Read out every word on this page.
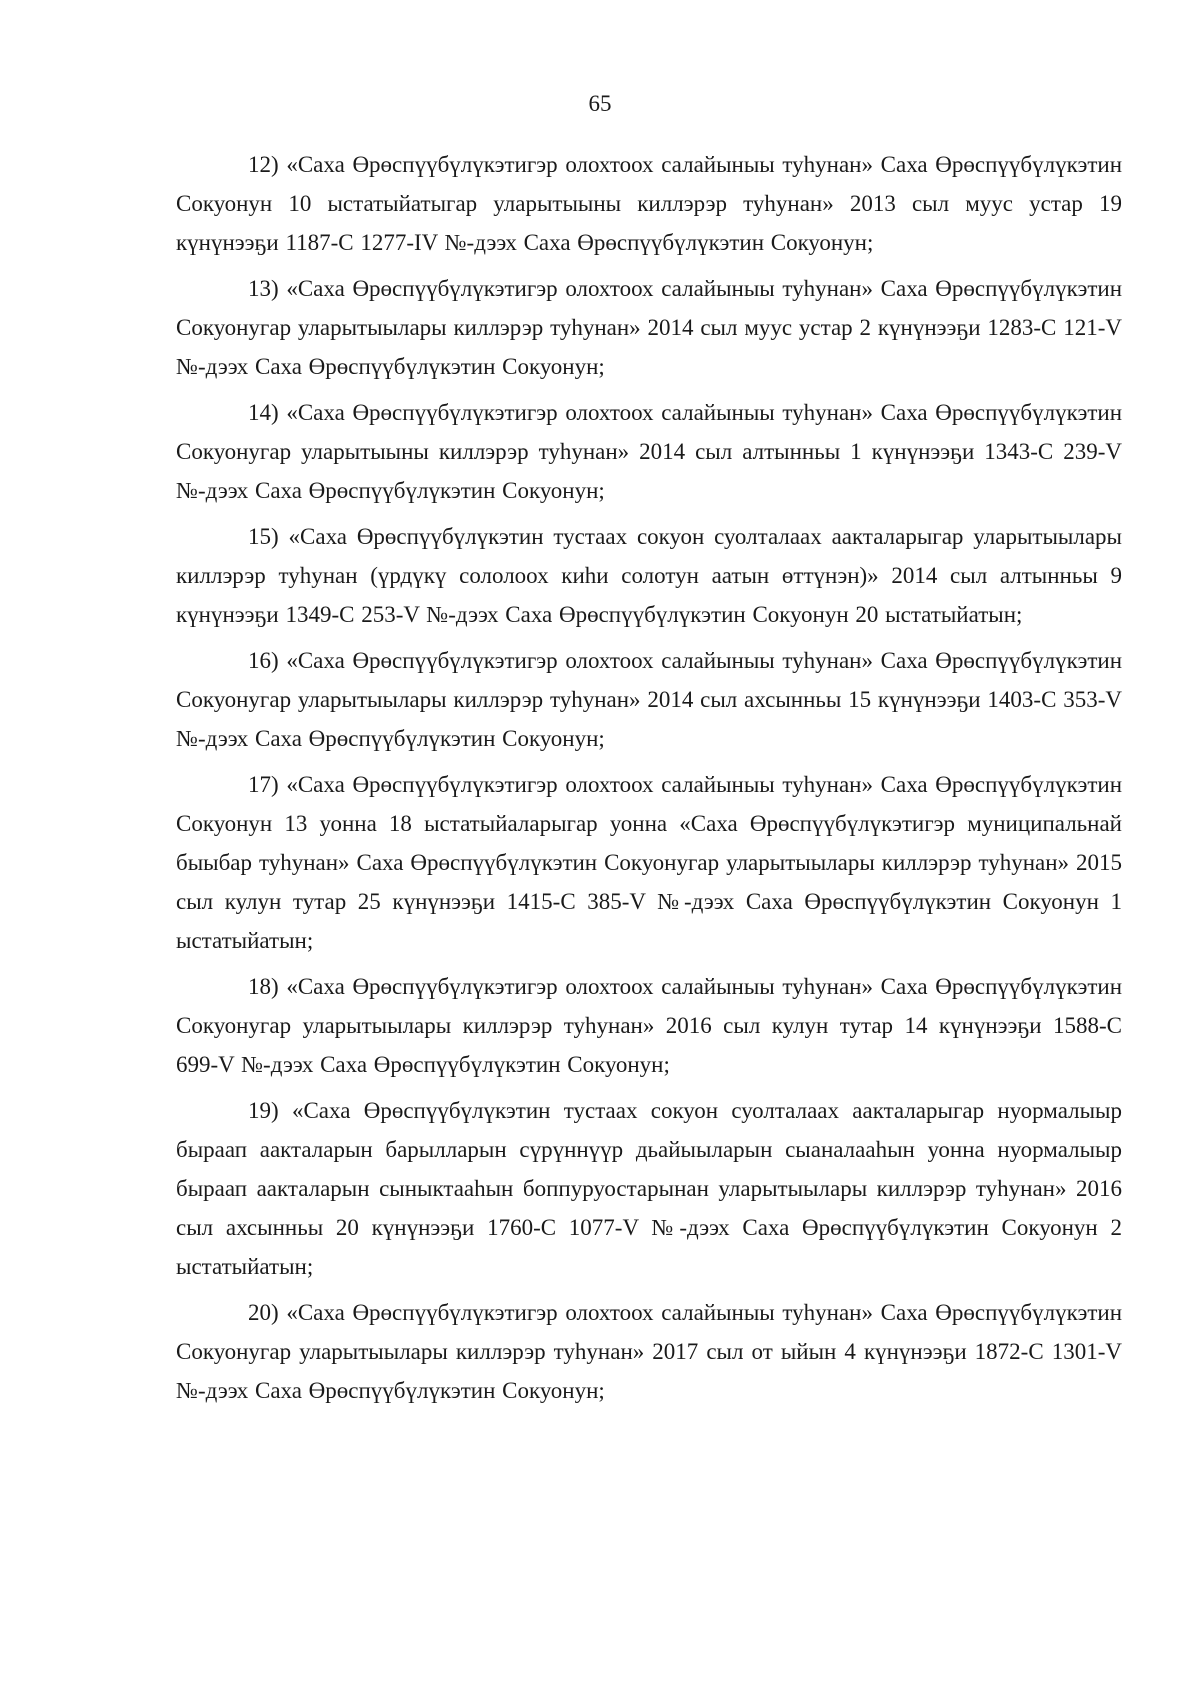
65

12) «Саха Өрөспүүбүлүкэтигэр олохтоох салайыныы туһунан» Саха Өрөспүүбүлүкэтин Сокуонун 10 ыстатыйатыгар уларытыыны киллэрэр туһунан» 2013 сыл муус устар 19 күнүнээҕи 1187-С 1277-IV №-дээх Саха Өрөспүүбүлүкэтин Сокуонун;

13) «Саха Өрөспүүбүлүкэтигэр олохтоох салайыныы туһунан» Саха Өрөспүүбүлүкэтин Сокуонугар уларытыылары киллэрэр туһунан» 2014 сыл муус устар 2 күнүнээҕи 1283-С 121-V №-дээх Саха Өрөспүүбүлүкэтин Сокуонун;

14) «Саха Өрөспүүбүлүкэтигэр олохтоох салайыныы туһунан» Саха Өрөспүүбүлүкэтин Сокуонугар уларытыыны киллэрэр туһунан» 2014 сыл алтынньы 1 күнүнээҕи 1343-С 239-V №-дээх Саха Өрөспүүбүлүкэтин Сокуонун;

15) «Саха Өрөспүүбүлүкэтин тустаах сокуон суолталаах аакталарыгар уларытыылары киллэрэр туһунан (үрдүкү сололоох киһи солотун аатын өттүнэн)» 2014 сыл алтынньы 9 күнүнээҕи 1349-С 253-V №-дээх Саха Өрөспүүбүлүкэтин Сокуонун 20 ыстатыйатын;

16) «Саха Өрөспүүбүлүкэтигэр олохтоох салайыныы туһунан» Саха Өрөспүүбүлүкэтин Сокуонугар уларытыылары киллэрэр туһунан» 2014 сыл ахсынньы 15 күнүнээҕи 1403-С 353-V №-дээх Саха Өрөспүүбүлүкэтин Сокуонун;

17) «Саха Өрөспүүбүлүкэтигэр олохтоох салайыныы туһунан» Саха Өрөспүүбүлүкэтин Сокуонун 13 уонна 18 ыстатыйаларыгар уонна «Саха Өрөспүүбүлүкэтигэр муниципальнай быыбар туһунан» Саха Өрөспүүбүлүкэтин Сокуонугар уларытыылары киллэрэр туһунан» 2015 сыл кулун тутар 25 күнүнээҕи 1415-С 385-V №-дээх Саха Өрөспүүбүлүкэтин Сокуонун 1 ыстатыйатын;

18) «Саха Өрөспүүбүлүкэтигэр олохтоох салайыныы туһунан» Саха Өрөспүүбүлүкэтин Сокуонугар уларытыылары киллэрэр туһунан» 2016 сыл кулун тутар 14 күнүнээҕи 1588-С 699-V №-дээх Саха Өрөспүүбүлүкэтин Сокуонун;

19) «Саха Өрөспүүбүлүкэтин тустаах сокуон суолталаах аакталарыгар нуормалыыр быраап аакталарын барылларын сүрүннүүр дьайыыларын сыаналааһын уонна нуормалыыр быраап аакталарын сыныктааһын боппуруостарынан уларытыылары киллэрэр туһунан» 2016 сыл ахсынньы 20 күнүнээҕи 1760-С 1077-V №-дээх Саха Өрөспүүбүлүкэтин Сокуонун 2 ыстатыйатын;

20) «Саха Өрөспүүбүлүкэтигэр олохтоох салайыныы туһунан» Саха Өрөспүүбүлүкэтин Сокуонугар уларытыылары киллэрэр туһунан» 2017 сыл от ыйын 4 күнүнээҕи 1872-С 1301-V №-дээх Саха Өрөспүүбүлүкэтин Сокуонун;
